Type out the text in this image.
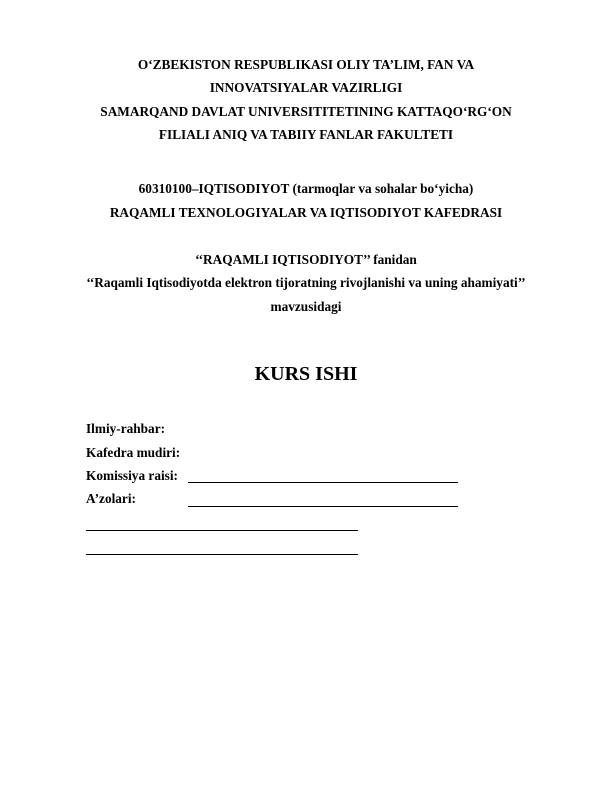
O‘ZBEKISTON RESPUBLIKASI OLIY TA’LIM, FAN VA
INNOVATSIYALAR VAZIRLIGI
SAMARQAND DAVLAT UNIVERSITITETINING KATTAQO‘RG‘ON
FILIALI ANIQ VA TABIIY FANLAR FAKULTETI
60310100–IQTISODIYOT (tarmoqlar va sohalar bo‘yicha)
RAQAMLI TEXNOLOGIYALAR VA IQTISODIYOT KAFEDRASI
‘‘RAQAMLI IQTISODIYOT’’ fanidan
‘‘Raqamli Iqtisodiyotda elektron tijoratning rivojlanishi va uning ahamiyati’’
mavzusidagi
KURS ISHI
Ilmiy-rahbar:
Kafedra mudiri:
Komissiya raisi:
A’zolari:
